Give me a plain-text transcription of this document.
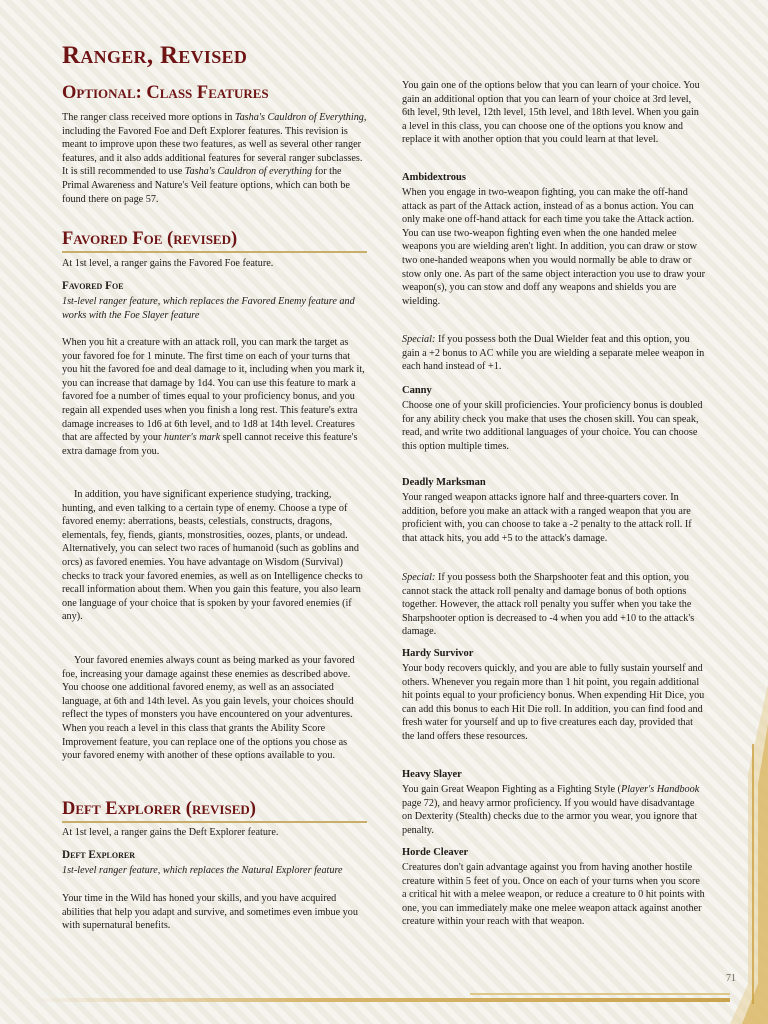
Ranger, Revised
Optional: Class Features

The ranger class received more options in Tasha's Cauldron of Everything, including the Favored Foe and Deft Explorer features. This revision is meant to improve upon these two features, as well as several other ranger features, and it also adds additional features for several ranger subclasses. It is still recommended to use Tasha's Cauldron of everything for the Primal Awareness and Nature's Veil feature options, which can both be found there on page 57.

Favored Foe (revised)

At 1st level, a ranger gains the Favored Foe feature.

Favored Foe

1st-level ranger feature, which replaces the Favored Enemy feature and works with the Foe Slayer feature

When you hit a creature with an attack roll, you can mark the target as your favored foe for 1 minute. The first time on each of your turns that you hit the favored foe and deal damage to it, including when you mark it, you can increase that damage by 1d4. You can use this feature to mark a favored foe a number of times equal to your proficiency bonus, and you regain all expended uses when you finish a long rest. This feature's extra damage increases to 1d6 at 6th level, and to 1d8 at 14th level. Creatures that are affected by your hunter's mark spell cannot receive this feature's extra damage from you.

In addition, you have significant experience studying, tracking, hunting, and even talking to a certain type of enemy. Choose a type of favored enemy: aberrations, beasts, celestials, constructs, dragons, elementals, fey, fiends, giants, monstrosities, oozes, plants, or undead. Alternatively, you can select two races of humanoid (such as goblins and orcs) as favored enemies. You have advantage on Wisdom (Survival) checks to track your favored enemies, as well as on Intelligence checks to recall information about them. When you gain this feature, you also learn one language of your choice that is spoken by your favored enemies (if any).

Your favored enemies always count as being marked as your favored foe, increasing your damage against these enemies as described above. You choose one additional favored enemy, as well as an associated language, at 6th and 14th level. As you gain levels, your choices should reflect the types of monsters you have encountered on your adventures. When you reach a level in this class that grants the Ability Score Improvement feature, you can replace one of the options you chose as your favored enemy with another of these options available to you.

Deft Explorer (revised)

At 1st level, a ranger gains the Deft Explorer feature.

Deft Explorer

1st-level ranger feature, which replaces the Natural Explorer feature

Your time in the Wild has honed your skills, and you have acquired abilities that help you adapt and survive, and sometimes even imbue you with supernatural benefits.

You gain one of the options below that you can learn of your choice. You gain an additional option that you can learn of your choice at 3rd level, 6th level, 9th level, 12th level, 15th level, and 18th level. When you gain a level in this class, you can choose one of the options you know and replace it with another option that you could learn at that level.

Ambidextrous

When you engage in two-weapon fighting, you can make the off-hand attack as part of the Attack action, instead of as a bonus action. You can only make one off-hand attack for each time you take the Attack action. You can use two-weapon fighting even when the one handed melee weapons you are wielding aren't light. In addition, you can draw or stow two one-handed weapons when you would normally be able to draw or stow only one. As part of the same object interaction you use to draw your weapon(s), you can stow and doff any weapons and shields you are wielding.

Special: If you possess both the Dual Wielder feat and this option, you gain a +2 bonus to AC while you are wielding a separate melee weapon in each hand instead of +1.

Canny

Choose one of your skill proficiencies. Your proficiency bonus is doubled for any ability check you make that uses the chosen skill. You can speak, read, and write two additional languages of your choice. You can choose this option multiple times.

Deadly Marksman

Your ranged weapon attacks ignore half and three-quarters cover. In addition, before you make an attack with a ranged weapon that you are proficient with, you can choose to take a -2 penalty to the attack roll. If that attack hits, you add +5 to the attack's damage.

Special: If you possess both the Sharpshooter feat and this option, you cannot stack the attack roll penalty and damage bonus of both options together. However, the attack roll penalty you suffer when you take the Sharpshooter option is decreased to -4 when you add +10 to the attack's damage.

Hardy Survivor

Your body recovers quickly, and you are able to fully sustain yourself and others. Whenever you regain more than 1 hit point, you regain additional hit points equal to your proficiency bonus. When expending Hit Dice, you can add this bonus to each Hit Die roll. In addition, you can find food and fresh water for yourself and up to five creatures each day, provided that the land offers these resources.

Heavy Slayer

You gain Great Weapon Fighting as a Fighting Style (Player's Handbook page 72), and heavy armor proficiency. If you would have disadvantage on Dexterity (Stealth) checks due to the armor you wear, you ignore that penalty.

Horde Cleaver

Creatures don't gain advantage against you from having another hostile creature within 5 feet of you. Once on each of your turns when you score a critical hit with a melee weapon, or reduce a creature to 0 hit points with one, you can immediately make one melee weapon attack against another creature within your reach with that weapon.

71
